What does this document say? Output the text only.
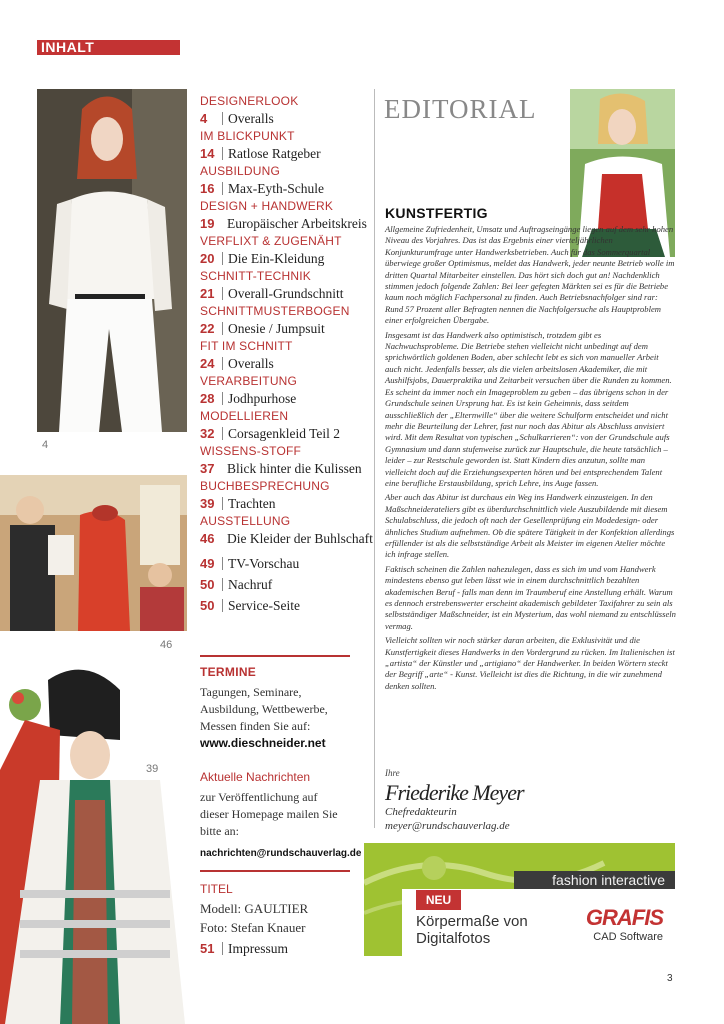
INHALT
4
46
39
DESIGNERLOOK
4	Overalls
IM BLICKPUNKT
14 Ratlose Ratgeber
AUSBILDUNG
16 Max-Eyth-Schule
DESIGN + HANDWERK
19 Europäischer Arbeitskreis
VERFLIXT & ZUGENÄHT
20 Die Ein-Kleidung
SCHNITT-TECHNIK
21 Overall-Grundschnitt
SCHNITTMUSTERBOGEN
22 Onesie / Jumpsuit
FIT IM SCHNITT
24 Overalls
VERARBEITUNG
28 Jodhpurhose
MODELLIEREN
32 Corsagenkleid Teil 2
WISSENS-STOFF
37 Blick hinter die Kulissen
BUCHBESPRECHUNG
39 Trachten
AUSSTELLUNG
46 Die Kleider der Buhlschaft
49 TV-Vorschau
50 Nachruf
50 Service-Seite
TERMINE
Tagungen, Seminare,
Ausbildung, Wettbewerbe,
Messen finden Sie auf:
www.dieschneider.net
Aktuelle Nachrichten
zur Veröffentlichung auf
dieser Homepage mailen Sie
bitte an:
nachrichten@rundschauverlag.de
TITEL
Modell: GAULTIER
Foto: Stefan Knauer
51 Impressum
EDITORIAL
KUNSTFERTIG

Allgemeine Zufriedenheit, Umsatz und Auftragseingänge liegen auf dem sehr hohen Niveau des Vorjahres. Das ist das Ergebnis einer vierteljährlichen Konjunkturumfrage unter Handwerksbetrieben. Auch für das Sommerquartal überwiege großer Optimismus, meldet das Handwerk, jeder neunte Betrieb wolle im dritten Quartal Mitarbeiter einstellen. Das hört sich doch gut an! Nachdenklich stimmen jedoch folgende Zahlen: Bei leer gefegten Märkten sei es für die Betriebe kaum noch möglich Fachpersonal zu finden. Auch Betriebsnachfolger sind rar: Rund 57 Prozent aller Befragten nennen die Nachfolgersuche als Hauptproblem einer erfolgreichen Übergabe.

Insgesamt ist das Handwerk also optimistisch, trotzdem gibt es Nachwuchsprobleme. Die Betriebe stehen vielleicht nicht unbedingt auf dem sprichwörtlich goldenen Boden, aber schlecht lebt es sich von manueller Arbeit auch nicht. Jedenfalls besser, als die vielen arbeitslosen Akademiker, die mit Aushilfsjobs, Dauerpraktika und Zeitarbeit versuchen über die Runden zu kommen. Es scheint da immer noch ein Imageproblem zu geben – das übrigens schon in der Grundschule seinen Ursprung hat. Es ist kein Geheimnis, dass seitdem ausschließlich der „Elternwille“ über die weitere Schulform entscheidet und nicht mehr die Beurteilung der Lehrer, fast nur noch das Abitur als Abschluss anvisiert wird. Mit dem Resultat von typischen „Schulkarrieren“: von der Grundschule aufs Gymnasium und dann stufenweise zurück zur Hauptschule, die heute tatsächlich – leider – zur Restschule geworden ist. Statt Kindern dies anzutun, sollte man vielleicht doch auf die Erziehungsexperten hören und bei entsprechendem Talent eine berufliche Erstausbildung, sprich Lehre, ins Auge fassen.

Aber auch das Abitur ist durchaus ein Weg ins Handwerk einzusteigen. In den Maßschneiderateliers gibt es überdurchschnittlich viele Auszubildende mit diesem Schulabschluss, die jedoch oft nach der Gesellenprüfung ein Modedesign- oder ähnliches Studium aufnehmen. Ob die spätere Tätigkeit in der Konfektion allerdings erfüllender ist als die selbstständige Arbeit als Meister im eigenen Atelier möchte ich infrage stellen.

Faktisch scheinen die Zahlen nahezulegen, dass es sich im und vom Handwerk mindestens ebenso gut leben lässt wie in einem durchschnittlich bezahlten akademischen Beruf - falls man denn im Traumberuf eine Anstellung erhält. Warum es dennoch erstrebenswerter erscheint akademisch gebildeter Taxifahrer zu sein als selbstständiger Maßschneider, ist ein Mysterium, das wohl niemand zu entschlüsseln vermag.

Vielleicht sollten wir noch stärker daran arbeiten, die Exklusivität und die Kunstfertigkeit dieses Handwerks in den Vordergrund zu rücken. Im Italienischen ist „artista“ der Künstler und „artigiano“ der Handwerker. In beiden Wörtern steckt der Begriff „arte“ - Kunst. Vielleicht ist dies die Richtung, in die wir zunehmend denken sollten.

Ihre
Friederike Meyer
Chefredakteurin
meyer@rundschauverlag.de
fashion interactive
NEU
Körpermaße von
Digitalfotos
GRAFIS
CAD Software
3
